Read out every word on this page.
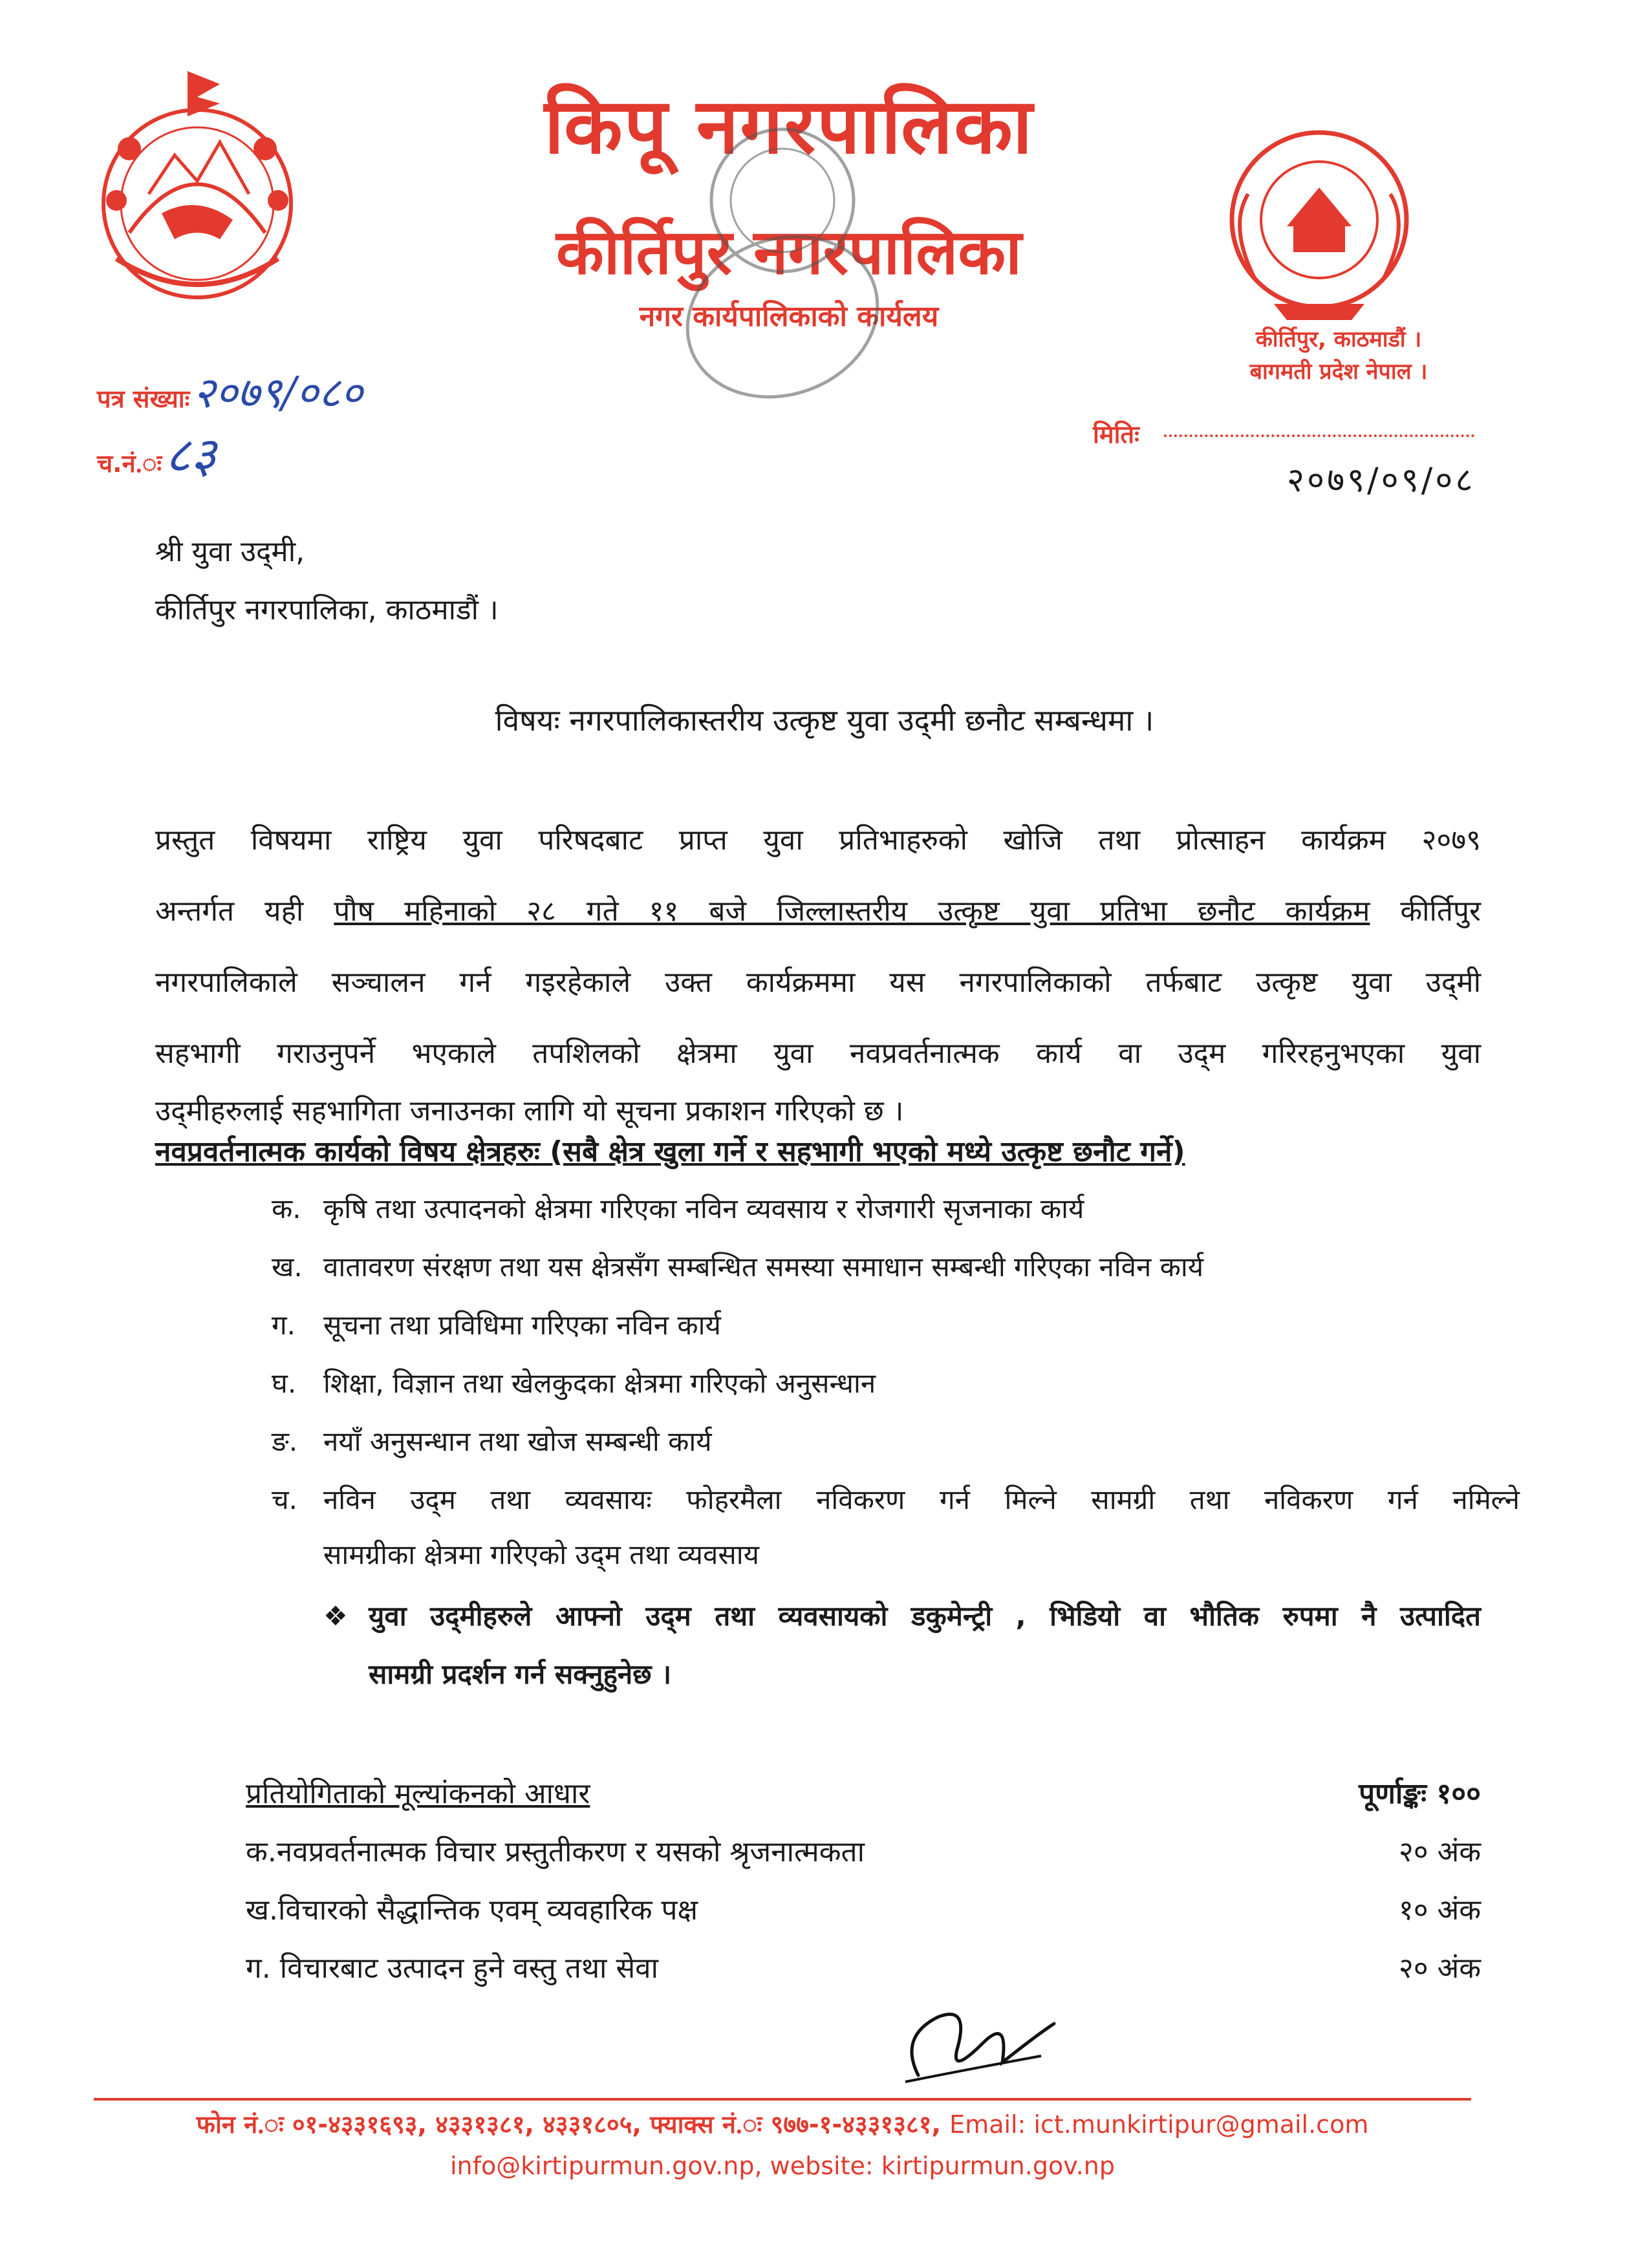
किपू नगरपालिका
कीर्तिपुर नगरपालिका
नगर कार्यपालिकाको कार्यलय
कीर्तिपुर, काठमाडौं ।
बागमती प्रदेश नेपाल ।
पत्र संख्याः २०७९/०८०
च.नं.ः ८३	मितिः
२०७९/०९/०८
श्री युवा उद्‌मी,
कीर्तिपुर नगरपालिका, काठमाडौं ।
विषयः नगरपालिकास्तरीय उत्कृष्ट युवा उद्‌मी छनौट सम्बन्धमा ।
प्रस्तुत विषयमा राष्ट्रिय युवा परिषदबाट प्राप्त युवा प्रतिभाहरुको खोजि तथा प्रोत्साहन कार्यक्रम २०७९
अन्तर्गत यही पौष महिनाको २८ गते ११ बजे जिल्लास्तरीय उत्कृष्ट युवा प्रतिभा छनौट कार्यक्रम कीर्तिपुर
नगरपालिकाले सञ्चालन गर्न गइरहेकाले उक्त कार्यक्रममा यस नगरपालिकाको तर्फबाट उत्कृष्ट युवा उद्‌मी
सहभागी गराउनुपर्ने भएकाले तपशिलको क्षेत्रमा युवा नवप्रवर्तनात्मक कार्य वा उद्‌म गरिरहनुभएका युवा
उद्‌मीहरुलाई सहभागिता जनाउनका लागि यो सूचना प्रकाशन गरिएको छ ।
नवप्रवर्तनात्मक कार्यको विषय क्षेत्रहरुः (सबै क्षेत्र खुला गर्ने र सहभागी भएको मध्ये उत्कृष्ट छनौट गर्ने)
क. कृषि तथा उत्पादनको क्षेत्रमा गरिएका नविन व्यवसाय र रोजगारी सृजनाका कार्य
ख. वातावरण संरक्षण तथा यस क्षेत्रसँग सम्बन्धित समस्या समाधान सम्बन्धी गरिएका नविन कार्य
ग. सूचना तथा प्रविधिमा गरिएका नविन कार्य
घ. शिक्षा, विज्ञान तथा खेलकुदका क्षेत्रमा गरिएको अनुसन्धान
ङ. नयाँ अनुसन्धान तथा खोज सम्बन्धी कार्य
च. नविन उद्‌म तथा व्यवसायः फोहरमैला नविकरण गर्न मिल्ने सामग्री तथा नविकरण गर्न नमिल्ने
सामग्रीका क्षेत्रमा गरिएको उद्‌म तथा व्यवसाय
❖ युवा उद्‌मीहरुले आफ्नो उद्‌म तथा व्यवसायको डकुमेन्ट्री , भिडियो वा भौतिक रुपमा नै उत्पादित
सामग्री प्रदर्शन गर्न सक्नुहुनेछ ।
प्रतियोगिताको मूल्यांकनको आधार	पूर्णाङ्कः १००
क.नवप्रवर्तनात्मक विचार प्रस्तुतीकरण र यसको श्रृजनात्मकता	२० अंक
ख.विचारको सैद्धान्तिक एवम् व्यवहारिक पक्ष	१० अंक
ग. विचारबाट उत्पादन हुने वस्तु तथा सेवा	२० अंक
फोन नं.ः ०१-४३३१६९३, ४३३१३८१, ४३३१८०५, फ्याक्स नं.ः ९७७-१-४३३१३८१, Email: ict.munkirtipur@gmail.com
info@kirtipurmun.gov.np, website: kirtipurmun.gov.np
